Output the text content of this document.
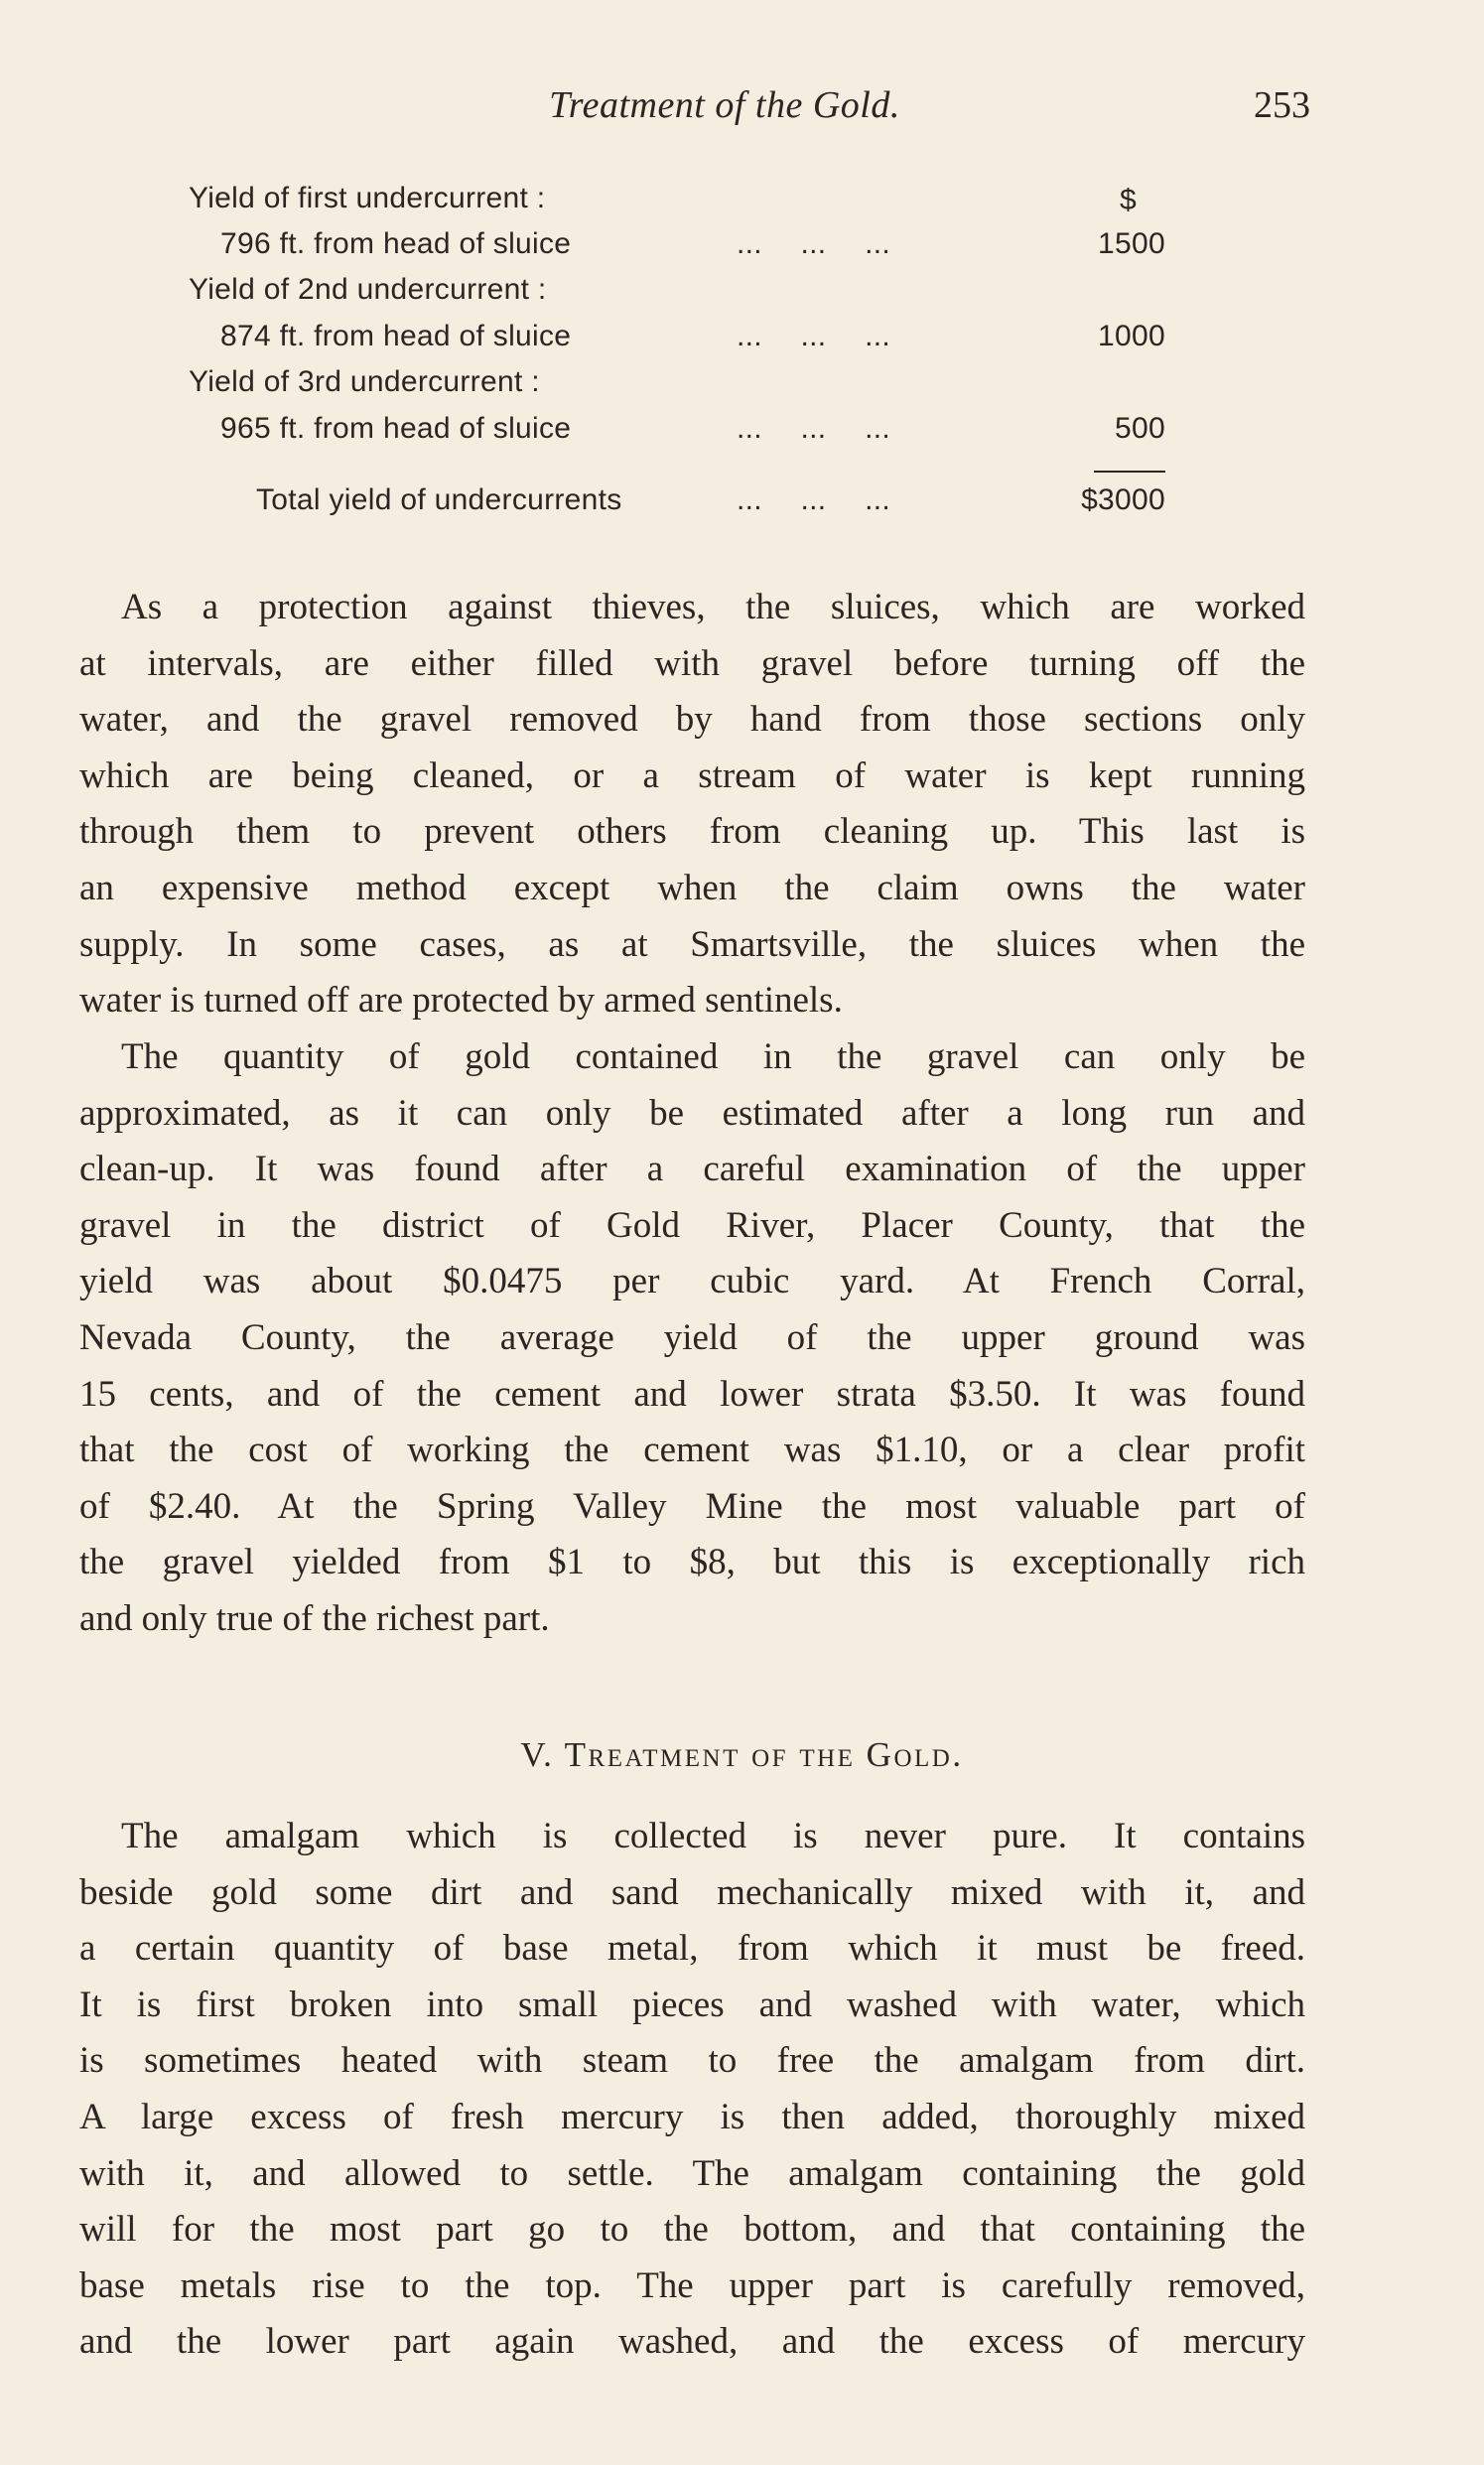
Treatment of the Gold.	253
$
Yield of first undercurrent :
796 ft. from head of sluice	... ... ...	1500
Yield of 2nd undercurrent :
874 ft. from head of sluice	... ... ...	1000
Yield of 3rd undercurrent :
965 ft. from head of sluice	... ... ...	500
Total yield of undercurrents	... ... ...	$3000
As a protection against thieves, the sluices, which are worked
at intervals, are either filled with gravel before turning off the
water, and the gravel removed by hand from those sections only
which are being cleaned, or a stream of water is kept running
through them to prevent others from cleaning up. This last is
an expensive method except when the claim owns the water
supply. In some cases, as at Smartsville, the sluices when the
water is turned off are protected by armed sentinels.
The quantity of gold contained in the gravel can only be
approximated, as it can only be estimated after a long run and
clean-up. It was found after a careful examination of the upper
gravel in the district of Gold River, Placer County, that the
yield was about $0.0475 per cubic yard. At French Corral,
Nevada County, the average yield of the upper ground was
15 cents, and of the cement and lower strata $3.50. It was found
that the cost of working the cement was $1.10, or a clear profit
of $2.40. At the Spring Valley Mine the most valuable part of
the gravel yielded from $1 to $8, but this is exceptionally rich
and only true of the richest part.
V. Treatment of the Gold.
The amalgam which is collected is never pure. It contains
beside gold some dirt and sand mechanically mixed with it, and
a certain quantity of base metal, from which it must be freed.
It is first broken into small pieces and washed with water, which
is sometimes heated with steam to free the amalgam from dirt.
A large excess of fresh mercury is then added, thoroughly mixed
with it, and allowed to settle. The amalgam containing the gold
will for the most part go to the bottom, and that containing the
base metals rise to the top. The upper part is carefully removed,
and the lower part again washed, and the excess of mercury
